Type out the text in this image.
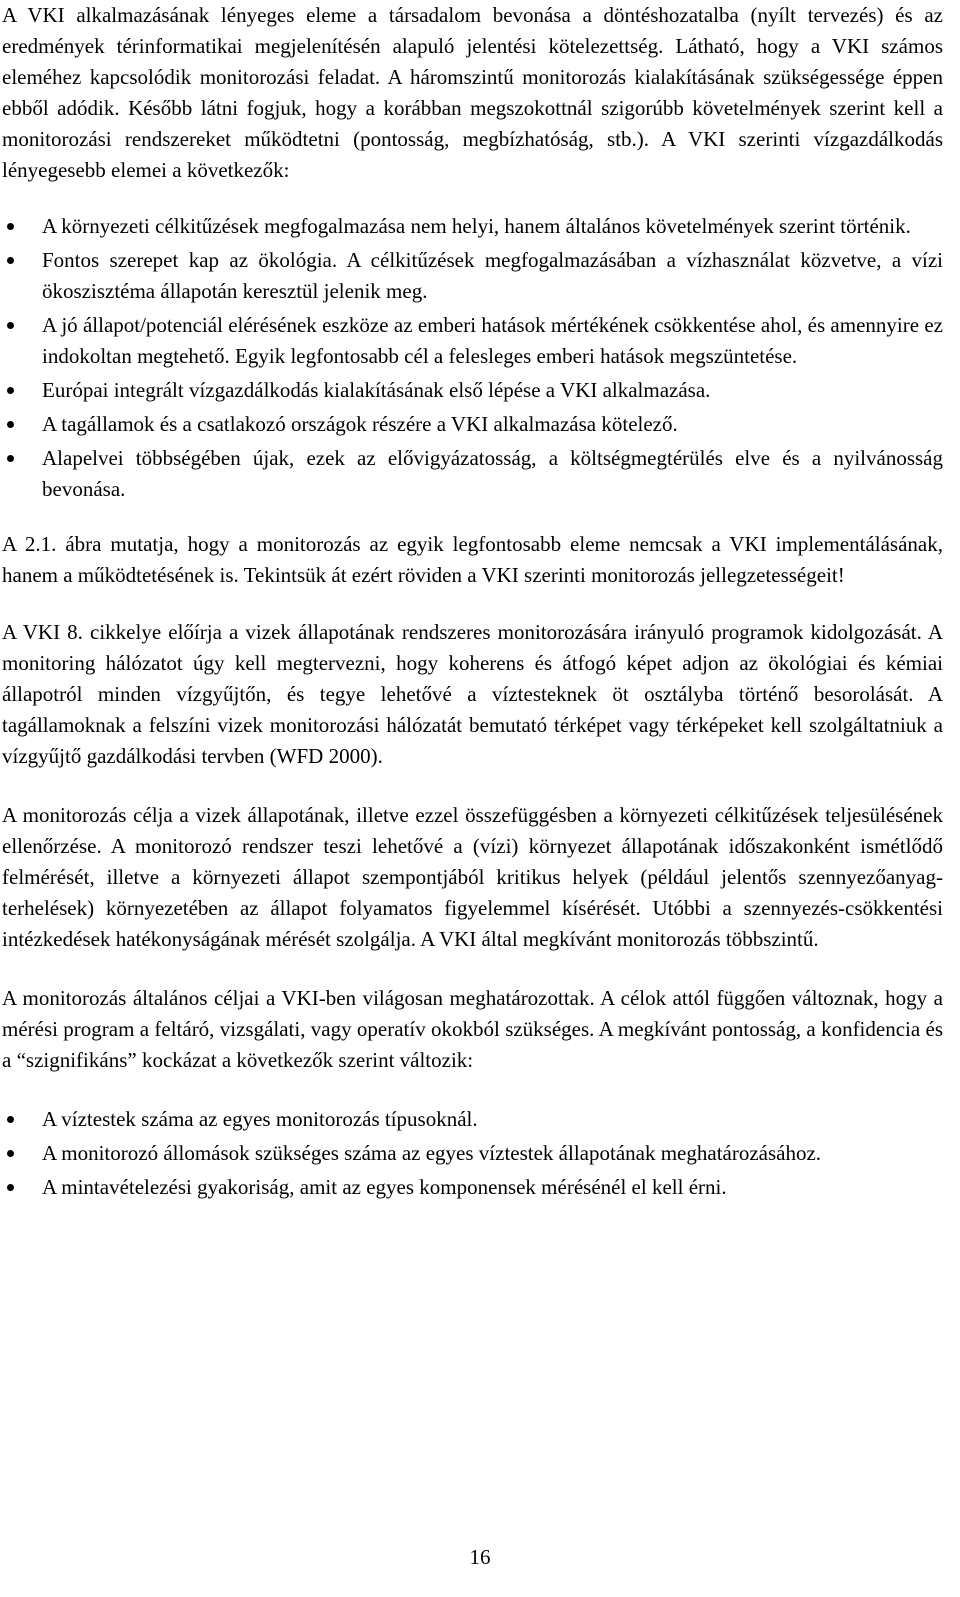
A VKI alkalmazásának lényeges eleme a társadalom bevonása a döntéshozatalba (nyílt tervezés) és az eredmények térinformatikai megjelenítésén alapuló jelentési kötelezettség. Látható, hogy a VKI számos eleméhez kapcsolódik monitorozási feladat. A háromszintű monitorozás kialakításának szükségessége éppen ebből adódik. Később látni fogjuk, hogy a korábban megszokottnál szigorúbb követelmények szerint kell a monitorozási rendszereket működtetni (pontosság, megbízhatóság, stb.). A VKI szerinti vízgazdálkodás lényegesebb elemei a következők:

A környezeti célkitűzések megfogalmazása nem helyi, hanem általános követelmények szerint történik.
Fontos szerepet kap az ökológia. A célkitűzések megfogalmazásában a vízhasználat közvetve, a vízi ökoszisztéma állapotán keresztül jelenik meg.
A jó állapot/potenciál elérésének eszköze az emberi hatások mértékének csökkentése ahol, és amennyire ez indokoltan megtehető. Egyik legfontosabb cél a felesleges emberi hatások megszüntetése.
Európai integrált vízgazdálkodás kialakításának első lépése a VKI alkalmazása.
A tagállamok és a csatlakozó országok részére a VKI alkalmazása kötelező.
Alapelvei többségében újak, ezek az elővigyázatosság, a költségmegtérülés elve és a nyilvánosság bevonása.

A 2.1. ábra mutatja, hogy a monitorozás az egyik legfontosabb eleme nemcsak a VKI implementálásának, hanem a működtetésének is. Tekintsük át ezért röviden a VKI szerinti monitorozás jellegzetességeit!

A VKI 8. cikkelye előírja a vizek állapotának rendszeres monitorozására irányuló programok kidolgozását. A monitoring hálózatot úgy kell megtervezni, hogy koherens és átfogó képet adjon az ökológiai és kémiai állapotról minden vízgyűjtőn, és tegye lehetővé a víztesteknek öt osztályba történő besorolását. A tagállamoknak a felszíni vizek monitorozási hálózatát bemutató térképet vagy térképeket kell szolgáltatniuk a vízgyűjtő gazdálkodási tervben (WFD 2000).

A monitorozás célja a vizek állapotának, illetve ezzel összefüggésben a környezeti célkitűzések teljesülésének ellenőrzése. A monitorozó rendszer teszi lehetővé a (vízi) környezet állapotának időszakonként ismétlődő felmérését, illetve a környezeti állapot szempontjából kritikus helyek (például jelentős szennyezőanyag-terhelések) környezetében az állapot folyamatos figyelemmel kísérését. Utóbbi a szennyezés-csökkentési intézkedések hatékonyságának mérését szolgálja. A VKI által megkívánt monitorozás többszintű.

A monitorozás általános céljai a VKI-ben világosan meghatározottak. A célok attól függően változnak, hogy a mérési program a feltáró, vizsgálati, vagy operatív okokból szükséges. A megkívánt pontosság, a konfidencia és a “szignifikáns” kockázat a következők szerint változik:

A víztestek száma az egyes monitorozás típusoknál.
A monitorozó állomások szükséges száma az egyes víztestek állapotának meghatározásához.
A mintavételezési gyakoriság, amit az egyes komponensek mérésénél el kell érni.
16
